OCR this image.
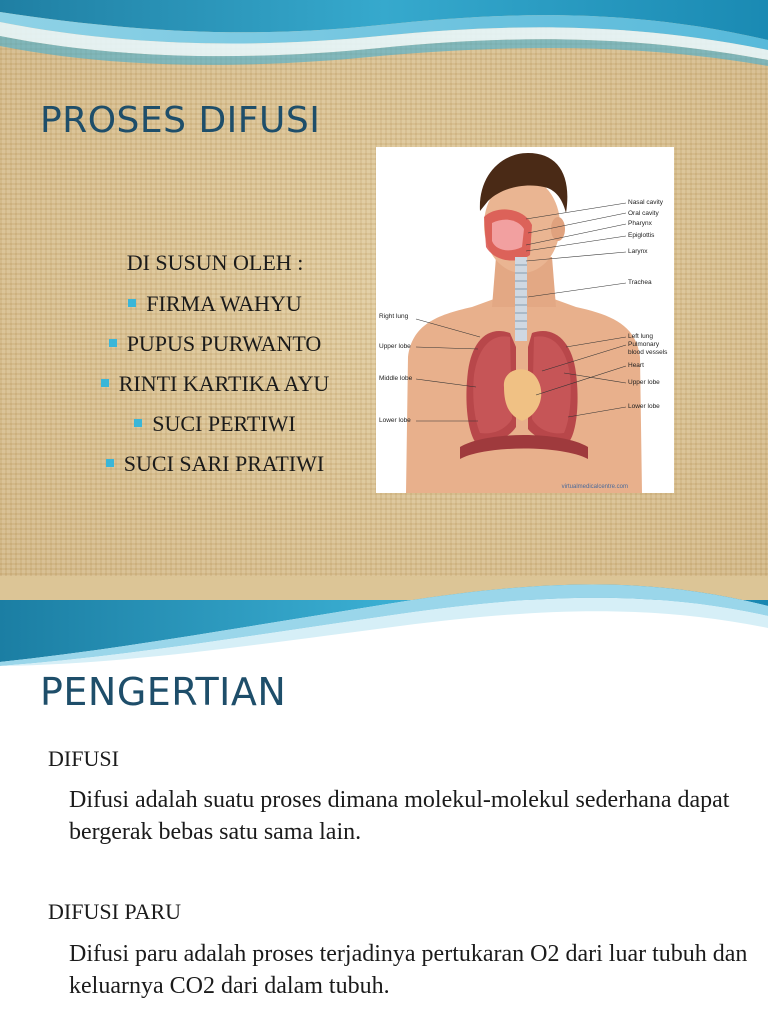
PROSES DIFUSI
DI SUSUN OLEH :
FIRMA WAHYU
PUPUS PURWANTO
RINTI KARTIKA AYU
SUCI PERTIWI
SUCI SARI PRATIWI
Nasal cavity
Oral cavity
Pharynx
Epiglottis
Larynx
Trachea
Left lung
Pulmonary
blood vessels
Heart
Upper lobe
Lower lobe
Right lung
Upper lobe
Middle lobe
Lower lobe
virtualmedicalcentre.com
PENGERTIAN
DIFUSI
Difusi adalah suatu proses dimana molekul-molekul sederhana dapat bergerak bebas satu sama lain.
DIFUSI PARU
Difusi paru adalah proses terjadinya pertukaran O2 dari luar tubuh dan keluarnya CO2 dari dalam tubuh.
